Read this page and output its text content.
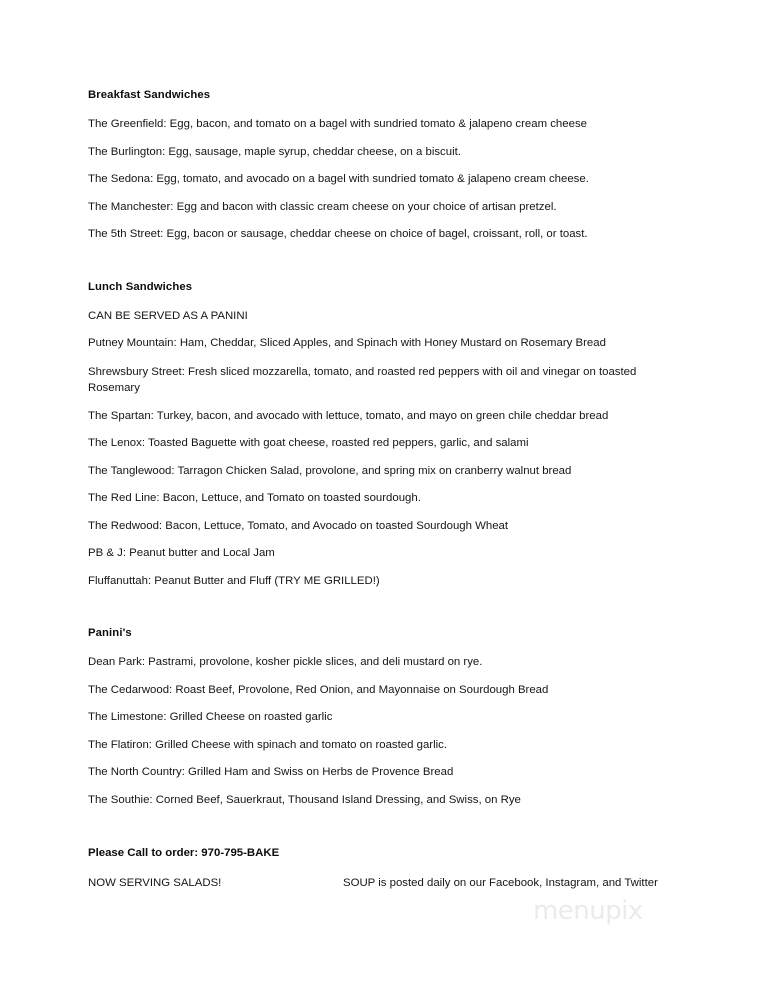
Breakfast Sandwiches
The Greenfield: Egg, bacon, and tomato on a bagel with sundried tomato & jalapeno cream cheese
The Burlington: Egg, sausage, maple syrup, cheddar cheese, on a biscuit.
The Sedona: Egg, tomato, and avocado on a bagel with sundried tomato & jalapeno cream cheese.
The Manchester: Egg and bacon with classic cream cheese on your choice of artisan pretzel.
The 5th Street: Egg, bacon or sausage, cheddar cheese on choice of bagel, croissant, roll, or toast.
Lunch Sandwiches
CAN BE SERVED AS A PANINI
Putney Mountain: Ham, Cheddar, Sliced Apples, and Spinach with Honey Mustard on Rosemary Bread
Shrewsbury Street: Fresh sliced mozzarella, tomato, and roasted red peppers with oil and vinegar on toasted Rosemary
The Spartan: Turkey, bacon, and avocado with lettuce, tomato, and mayo on green chile cheddar bread
The Lenox: Toasted Baguette with goat cheese, roasted red peppers, garlic, and salami
The Tanglewood: Tarragon Chicken Salad, provolone, and spring mix on cranberry walnut bread
The Red Line: Bacon, Lettuce, and Tomato on toasted sourdough.
The Redwood: Bacon, Lettuce, Tomato, and Avocado on toasted Sourdough Wheat
PB & J: Peanut butter and Local Jam
Fluffanuttah: Peanut Butter and Fluff (TRY ME GRILLED!)
Panini's
Dean Park: Pastrami, provolone, kosher pickle slices, and deli mustard on rye.
The Cedarwood: Roast Beef, Provolone, Red Onion, and Mayonnaise on Sourdough Bread
The Limestone: Grilled Cheese on roasted garlic
The Flatiron: Grilled Cheese with spinach and tomato on roasted garlic.
The North Country: Grilled Ham and Swiss on Herbs de Provence Bread
The Southie: Corned Beef, Sauerkraut, Thousand Island Dressing, and Swiss, on Rye
Please Call to order: 970-795-BAKE
NOW SERVING SALADS!	SOUP is posted daily on our Facebook, Instagram, and Twitter
menupix
